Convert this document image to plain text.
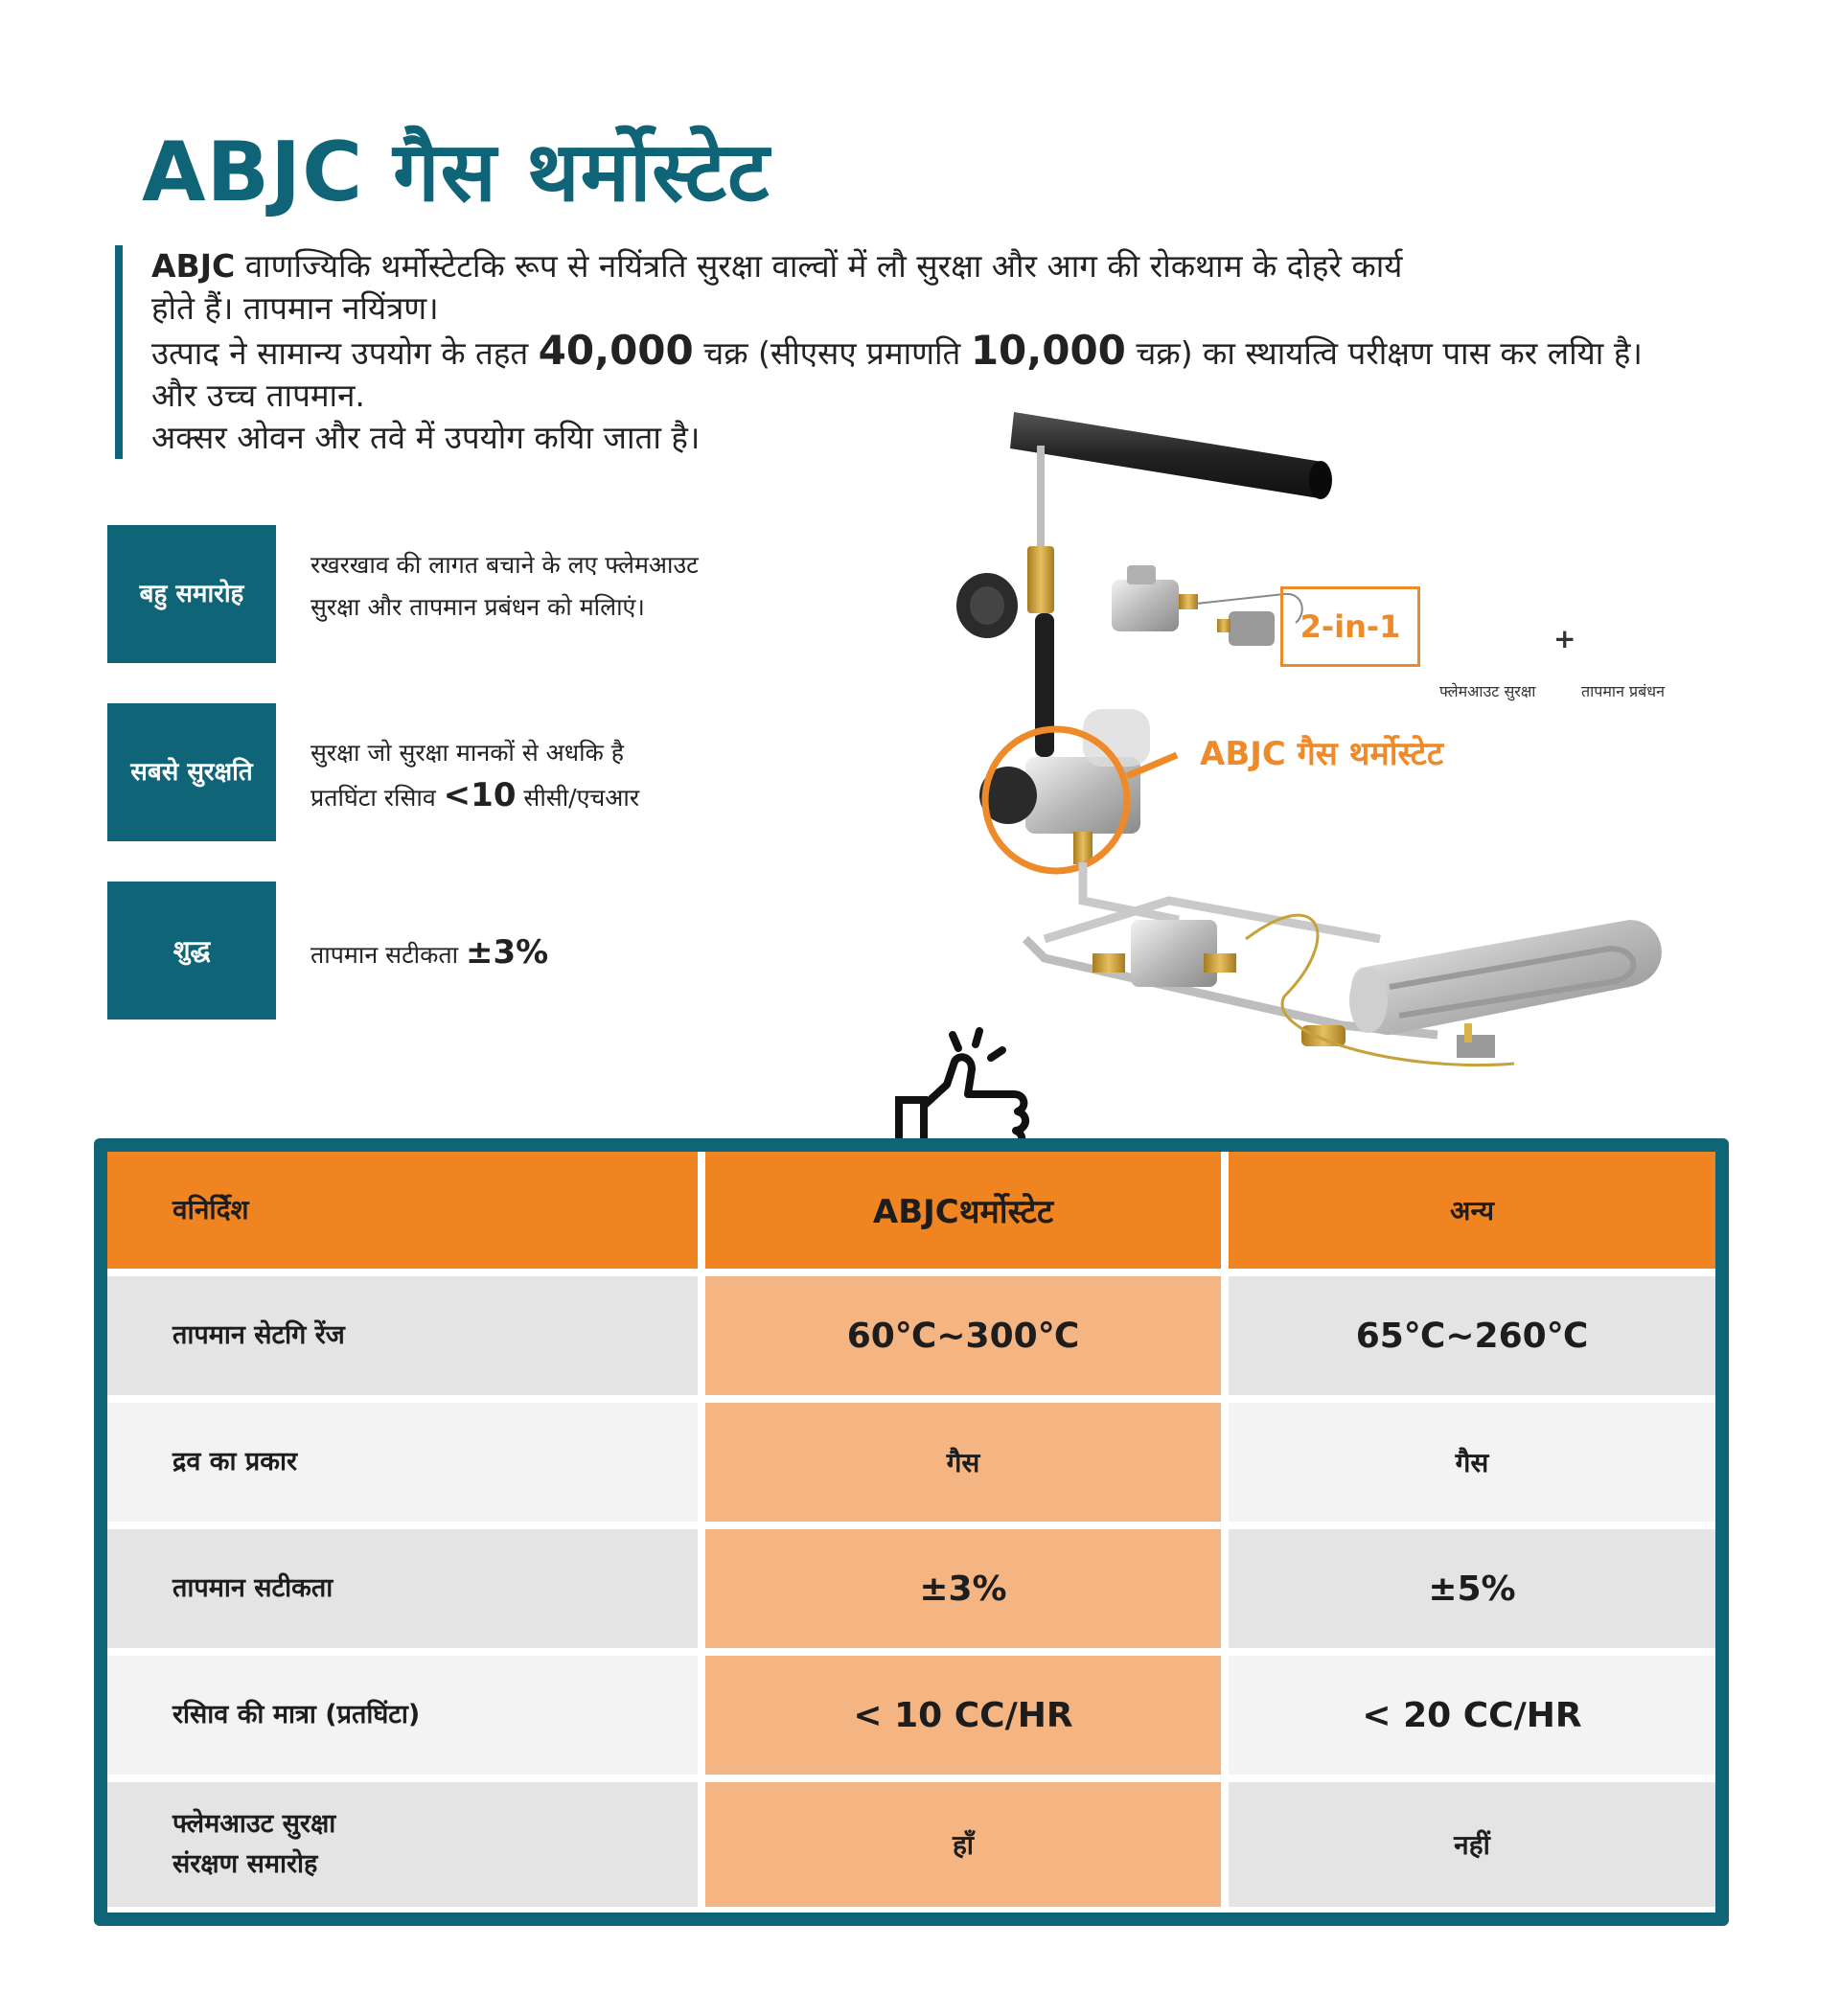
ABJC गैस थर्मोस्टेट

ABJC वाणज्यिकि थर्मोस्टेटकि रूप से नयिंत्रति सुरक्षा वाल्वों में लौ सुरक्षा और आग की रोकथाम के दोहरे कार्य

होते हैं। तापमान नयिंत्रण।

उत्पाद ने सामान्य उपयोग के तहत 40,000 चक्र (सीएसए प्रमाणति 10,000 चक्र) का स्थायत्वि परीक्षण पास कर लयिा है।

और उच्च तापमान.

अक्सर ओवन और तवे में उपयोग कयिा जाता है।

बहु समारोह
रखरखाव की लागत बचाने के लए फ्लेमआउट
सुरक्षा और तापमान प्रबंधन को मलिाएं।
सबसे सुरक्षति
सुरक्षा जो सुरक्षा मानकों से अधकि है
प्रतघिंटा रसिाव <10 सीसी/एचआर
शुद्ध	तापमान सटीकता ±3%
2-in-1	+
फ्लेमआउट सुरक्षा	तापमान प्रबंधन
ABJC गैस थर्मोस्टेट
वनिर्दिेश	ABJCथर्मोस्टेट	अन्य
तापमान सेटगि रेंज	60℃~300℃	65℃~260℃
द्रव का प्रकार	गैस	गैस
तापमान सटीकता	±3%	±5%
रसिाव की मात्रा (प्रतघिंटा)	< 10 CC/HR	< 20 CC/HR
फ्लेमआउट सुरक्षा
संरक्षण समारोह
हाँ	नहीं
